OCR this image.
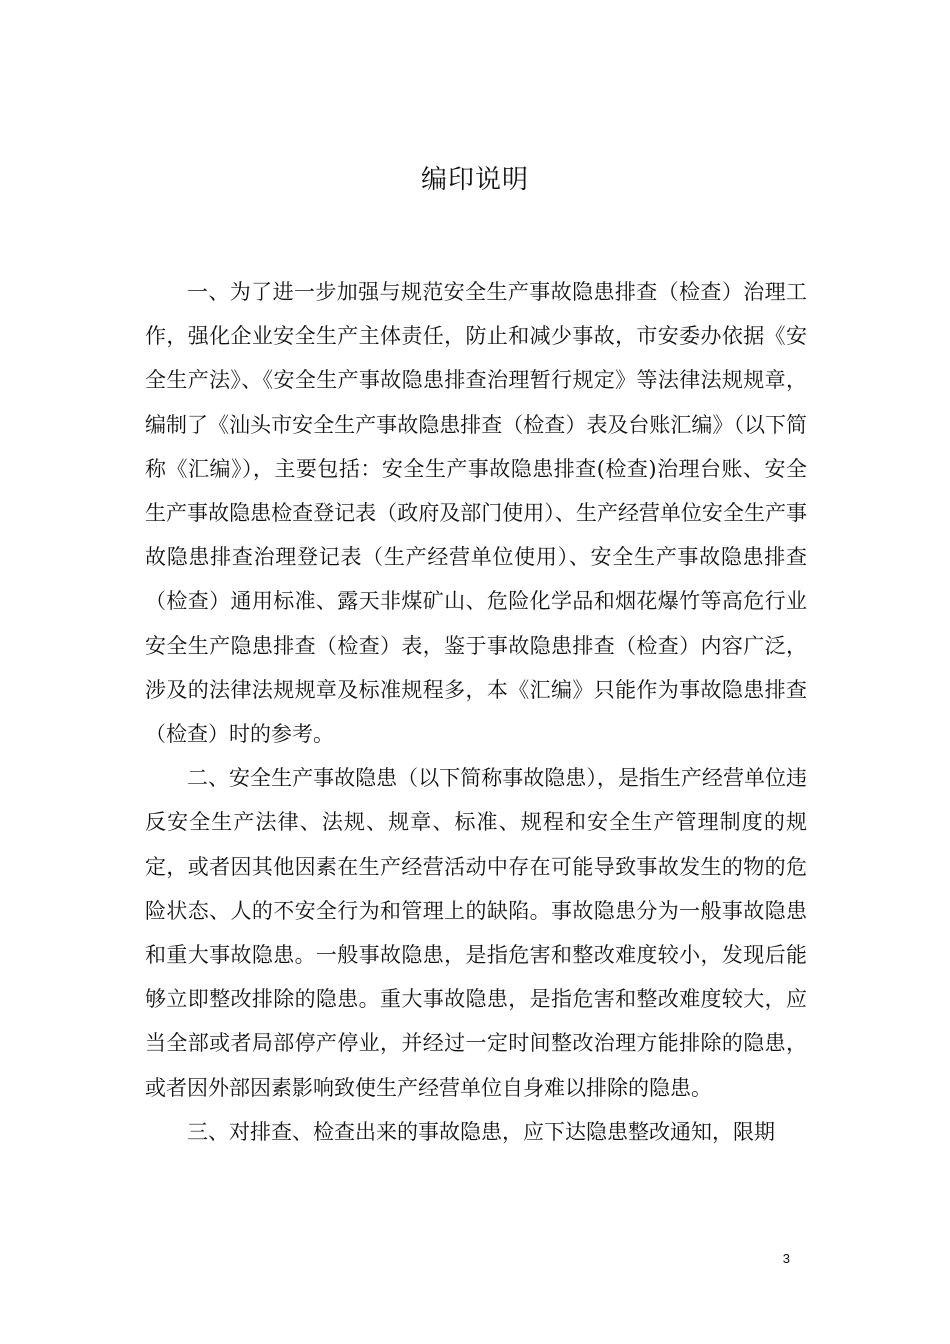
编印说明

一、为了进一步加强与规范安全生产事故隐患排查（检查）治理工作，强化企业安全生产主体责任，防止和减少事故，市安委办依据《安全生产法》、《安全生产事故隐患排查治理暂行规定》等法律法规规章，编制了《汕头市安全生产事故隐患排查（检查）表及台账汇编》（以下简称《汇编》），主要包括：安全生产事故隐患排查(检查)治理台账、安全生产事故隐患检查登记表（政府及部门使用）、生产经营单位安全生产事故隐患排查治理登记表（生产经营单位使用）、安全生产事故隐患排查（检查）通用标准、露天非煤矿山、危险化学品和烟花爆竹等高危行业安全生产隐患排查（检查）表，鉴于事故隐患排查（检查）内容广泛，涉及的法律法规规章及标准规程多，本《汇编》只能作为事故隐患排查（检查）时的参考。

二、安全生产事故隐患（以下简称事故隐患），是指生产经营单位违反安全生产法律、法规、规章、标准、规程和安全生产管理制度的规定，或者因其他因素在生产经营活动中存在可能导致事故发生的物的危险状态、人的不安全行为和管理上的缺陷。事故隐患分为一般事故隐患和重大事故隐患。一般事故隐患，是指危害和整改难度较小，发现后能够立即整改排除的隐患。重大事故隐患，是指危害和整改难度较大，应当全部或者局部停产停业，并经过一定时间整改治理方能排除的隐患，或者因外部因素影响致使生产经营单位自身难以排除的隐患。

三、对排查、检查出来的事故隐患，应下达隐患整改通知，限期

3
